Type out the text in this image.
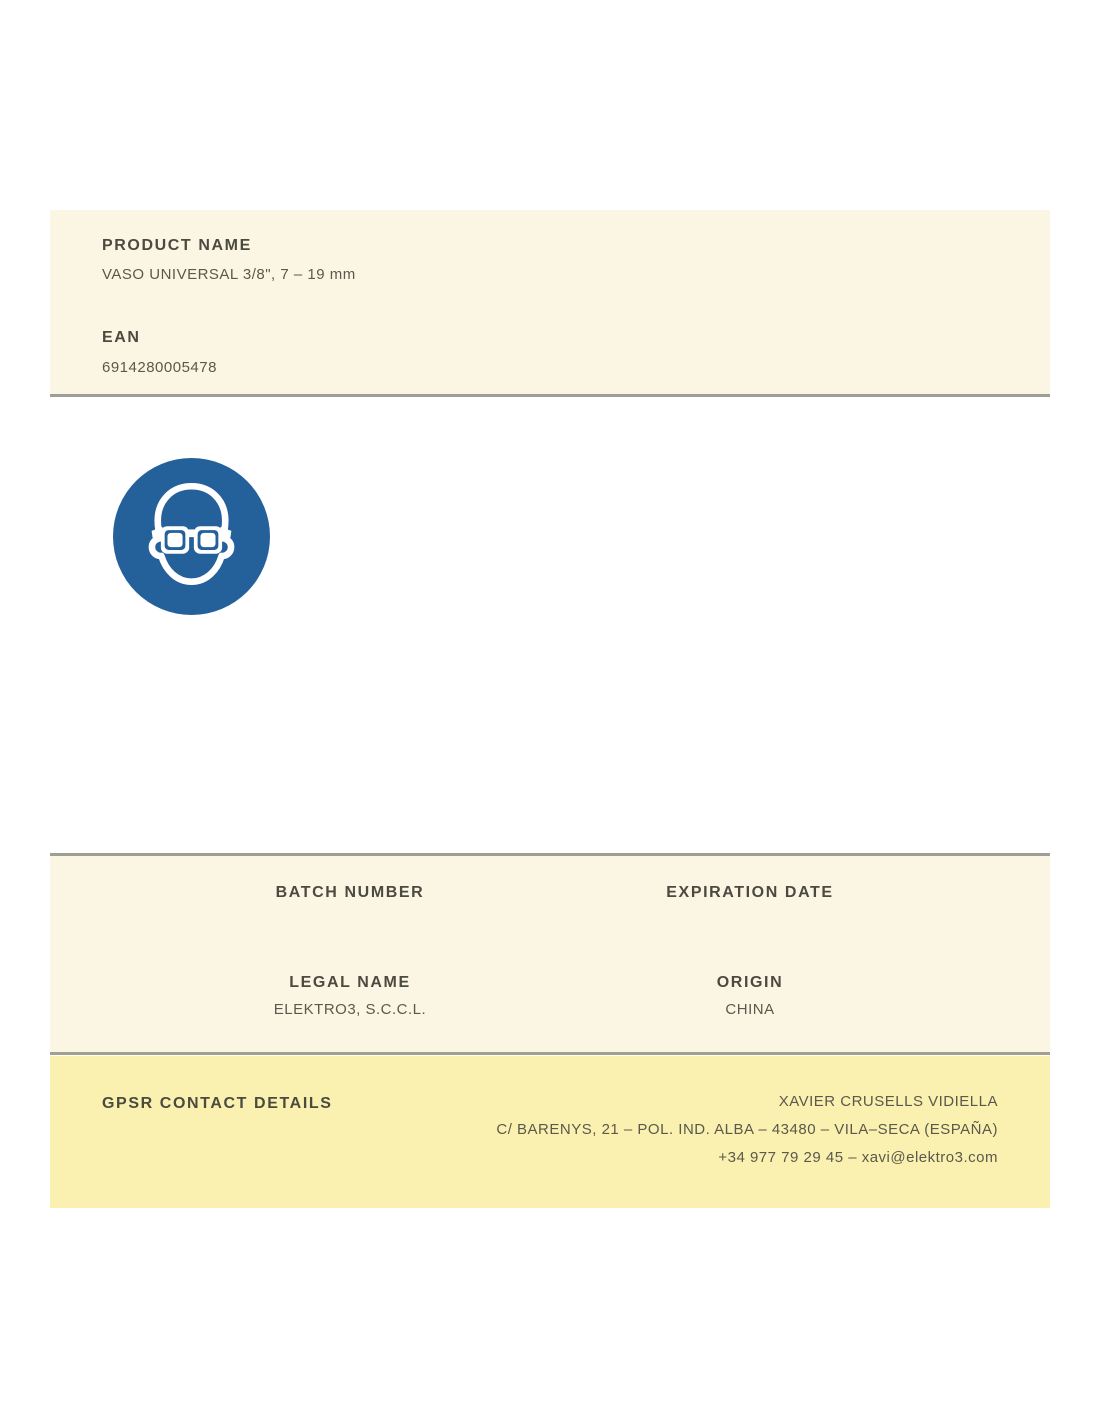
PRODUCT NAME
VASO UNIVERSAL 3/8", 7 – 19 mm
EAN
6914280005478
BATCH NUMBER	EXPIRATION DATE
LEGAL NAME	ORIGIN
ELEKTRO3, S.C.C.L.	CHINA
GPSR CONTACT DETAILS	XAVIER CRUSELLS VIDIELLA
C/ BARENYS, 21 – POL. IND. ALBA – 43480 – VILA–SECA (ESPAÑA)
+34 977 79 29 45 – xavi@elektro3.com
